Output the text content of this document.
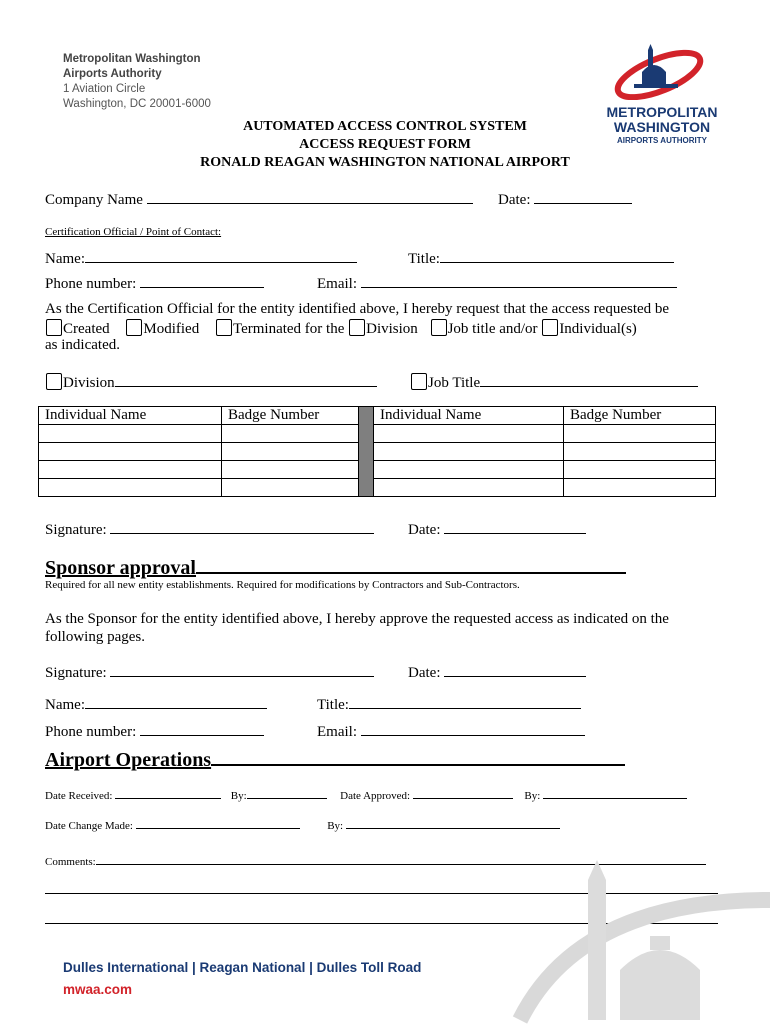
Metropolitan Washington
Airports Authority
1 Aviation Circle
Washington, DC 20001-6000	METROPOLITAN
WASHINGTON
AIRPORTS AUTHORITY
AUTOMATED ACCESS CONTROL SYSTEM
ACCESS REQUEST FORM
RONALD REAGAN WASHINGTON NATIONAL AIRPORT
Company Name	Date:
Certification Official / Point of Contact:
Name:	Title:
Phone number:	Email:
As the Certification Official for the entity identified above, I hereby request that the access requested be
Created Modified Terminated for the Division Job title and/or Individual(s)
as indicated.
Division	Job Title
Individual Name	Badge Number		Individual Name	Badge Number

Signature:	Date:
Sponsor approval
Required for all new entity establishments. Required for modifications by Contractors and Sub-Contractors.
As the Sponsor for the entity identified above, I hereby approve the requested access as indicated on the
following pages.
Signature:	Date:
Name:	Title:
Phone number:	Email:
Airport Operations
Date Received:	By:	Date Approved:	By:
Date Change Made:	By:
Comments:
Dulles International | Reagan National | Dulles Toll Road
mwaa.com
